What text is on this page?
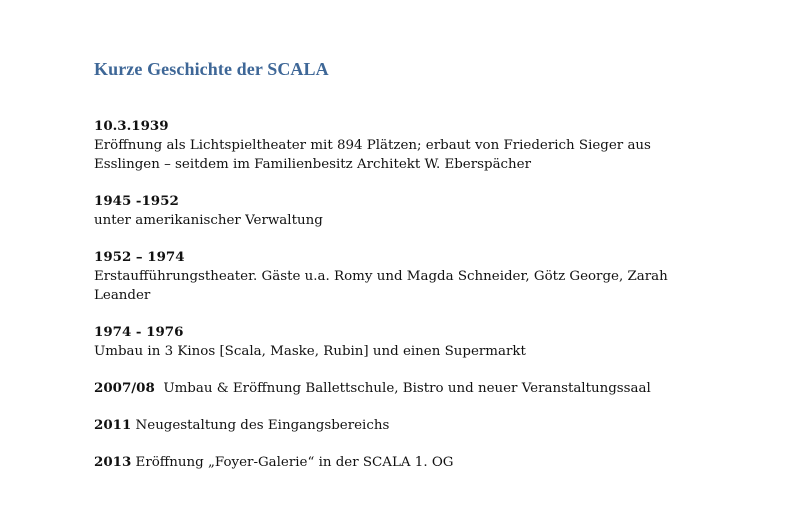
Kurze Geschichte der SCALA
10.3.1939
Eröffnung als Lichtspieltheater mit 894 Plätzen; erbaut von Friederich Sieger aus Esslingen – seitdem im Familienbesitz Architekt W. Eberspächer
1945 -1952
unter amerikanischer Verwaltung
1952 – 1974
Erstaufführungstheater. Gäste u.a. Romy und Magda Schneider, Götz George, Zarah Leander
1974 - 1976
Umbau in 3 Kinos [Scala, Maske, Rubin] und einen Supermarkt
2007/08 Umbau & Eröffnung Ballettschule, Bistro und neuer Veranstaltungssaal
2011 Neugestaltung des Eingangsbereichs
2013 Eröffnung „Foyer-Galerie“ in der SCALA 1. OG
